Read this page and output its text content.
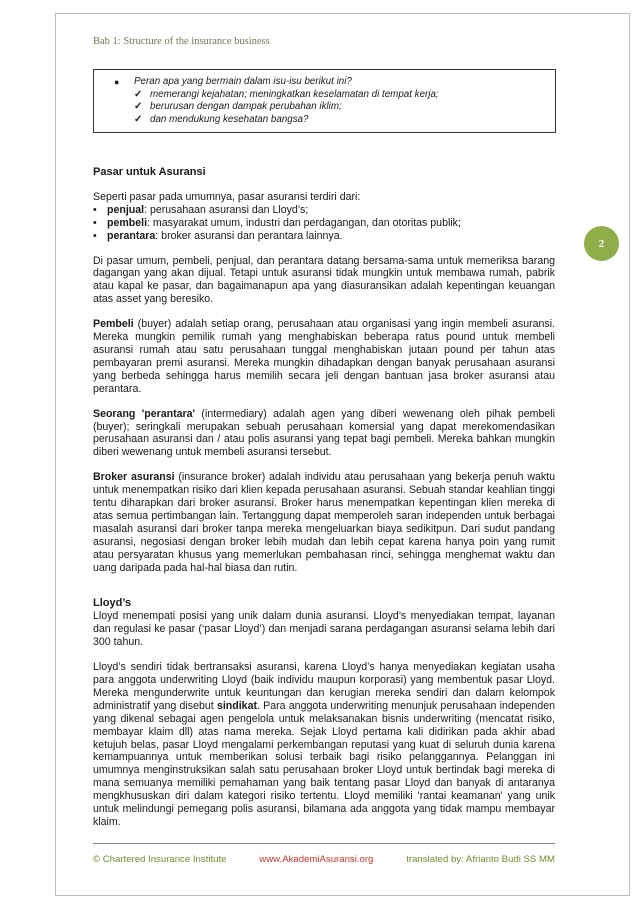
Bab 1: Structure of the insurance business
2
●	Peran apa yang bermain dalam isu-isu berikut ini?
✓ memerangi kejahatan; meningkatkan keselamatan di tempat kerja;
✓ berurusan dengan dampak perubahan iklim;
✓ dan mendukung kesehatan bangsa?
Pasar untuk Asuransi

Seperti pasar pada umumnya, pasar asuransi terdiri dari:

• penjual: perusahaan asuransi dan Lloyd’s;
• pembeli: masyarakat umum, industri dan perdagangan, dan otoritas publik;
• perantara: broker asuransi dan perantara lainnya.

Di pasar umum, pembeli, penjual, dan perantara datang bersama-sama untuk memeriksa barang dagangan yang akan dijual. Tetapi untuk asuransi tidak mungkin untuk membawa rumah, pabrik atau kapal ke pasar, dan bagaimanapun apa yang diasuransikan adalah kepentingan keuangan atas asset yang beresiko.

Pembeli (buyer) adalah setiap orang, perusahaan atau organisasi yang ingin membeli asuransi. Mereka mungkin pemilik rumah yang menghabiskan beberapa ratus pound untuk membeli asuransi rumah atau satu perusahaan tunggal menghabiskan jutaan pound per tahun atas pembayaran premi asuransi. Mereka mungkin dihadapkan dengan banyak perusahaan asuransi yang berbeda sehingga harus memilih secara jeli dengan bantuan jasa broker asuransi atau perantara.

Seorang 'perantara' (intermediary) adalah agen yang diberi wewenang oleh pihak pembeli (buyer); seringkali merupakan sebuah perusahaan komersial yang dapat merekomendasikan perusahaan asuransi dan / atau polis asuransi yang tepat bagi pembeli. Mereka bahkan mungkin diberi wewenang untuk membeli asuransi tersebut.

Broker asuransi (insurance broker) adalah individu atau perusahaan yang bekerja penuh waktu untuk menempatkan risiko dari klien kepada perusahaan asuransi. Sebuah standar keahlian tinggi tentu diharapkan dari broker asuransi. Broker harus menempatkan kepentingan klien mereka di atas semua pertimbangan lain. Tertanggung dapat memperoleh saran independen untuk berbagai masalah asuransi dari broker tanpa mereka mengeluarkan biaya sedikitpun. Dari sudut pandang asuransi, negosiasi dengan broker lebih mudah dan lebih cepat karena hanya poin yang rumit atau persyaratan khusus yang memerlukan pembahasan rinci, sehingga menghemat waktu dan uang daripada pada hal-hal biasa dan rutin.

Lloyd’s

Lloyd menempati posisi yang unik dalam dunia asuransi. Lloyd’s menyediakan tempat, layanan dan regulasi ke pasar (‘pasar Lloyd’) dan menjadi sarana perdagangan asuransi selama lebih dari 300 tahun.

Lloyd’s sendiri tidak bertransaksi asuransi, karena Lloyd’s hanya menyediakan kegiatan usaha para anggota underwriting Lloyd (baik individu maupun korporasi) yang membentuk pasar Lloyd. Mereka mengunderwrite untuk keuntungan dan kerugian mereka sendiri dan dalam kelompok administratif yang disebut sindikat. Para anggota underwriting menunjuk perusahaan independen yang dikenal sebagai agen pengelola untuk melaksanakan bisnis underwriting (mencatat risiko, membayar klaim dll) atas nama mereka. Sejak Lloyd pertama kali didirikan pada akhir abad ketujuh belas, pasar Lloyd mengalami perkembangan reputasi yang kuat di seluruh dunia karena kemampuannya untuk memberikan solusi terbaik bagi risiko pelanggannya. Pelanggan ini umumnya menginstruksikan salah satu perusahaan broker Lloyd untuk bertindak bagi mereka di mana semuanya memiliki pemahaman yang baik tentang pasar Lloyd dan banyak di antaranya mengkhususkan diri dalam kategori risiko tertentu. Lloyd memiliki 'rantai keamanan' yang unik untuk melindungi pemegang polis asuransi, bilamana ada anggota yang tidak mampu membayar klaim.

© Chartered Insurance Institute	www.AkademiAsuransi.org	translated by: Afrianto Budi SS MM
